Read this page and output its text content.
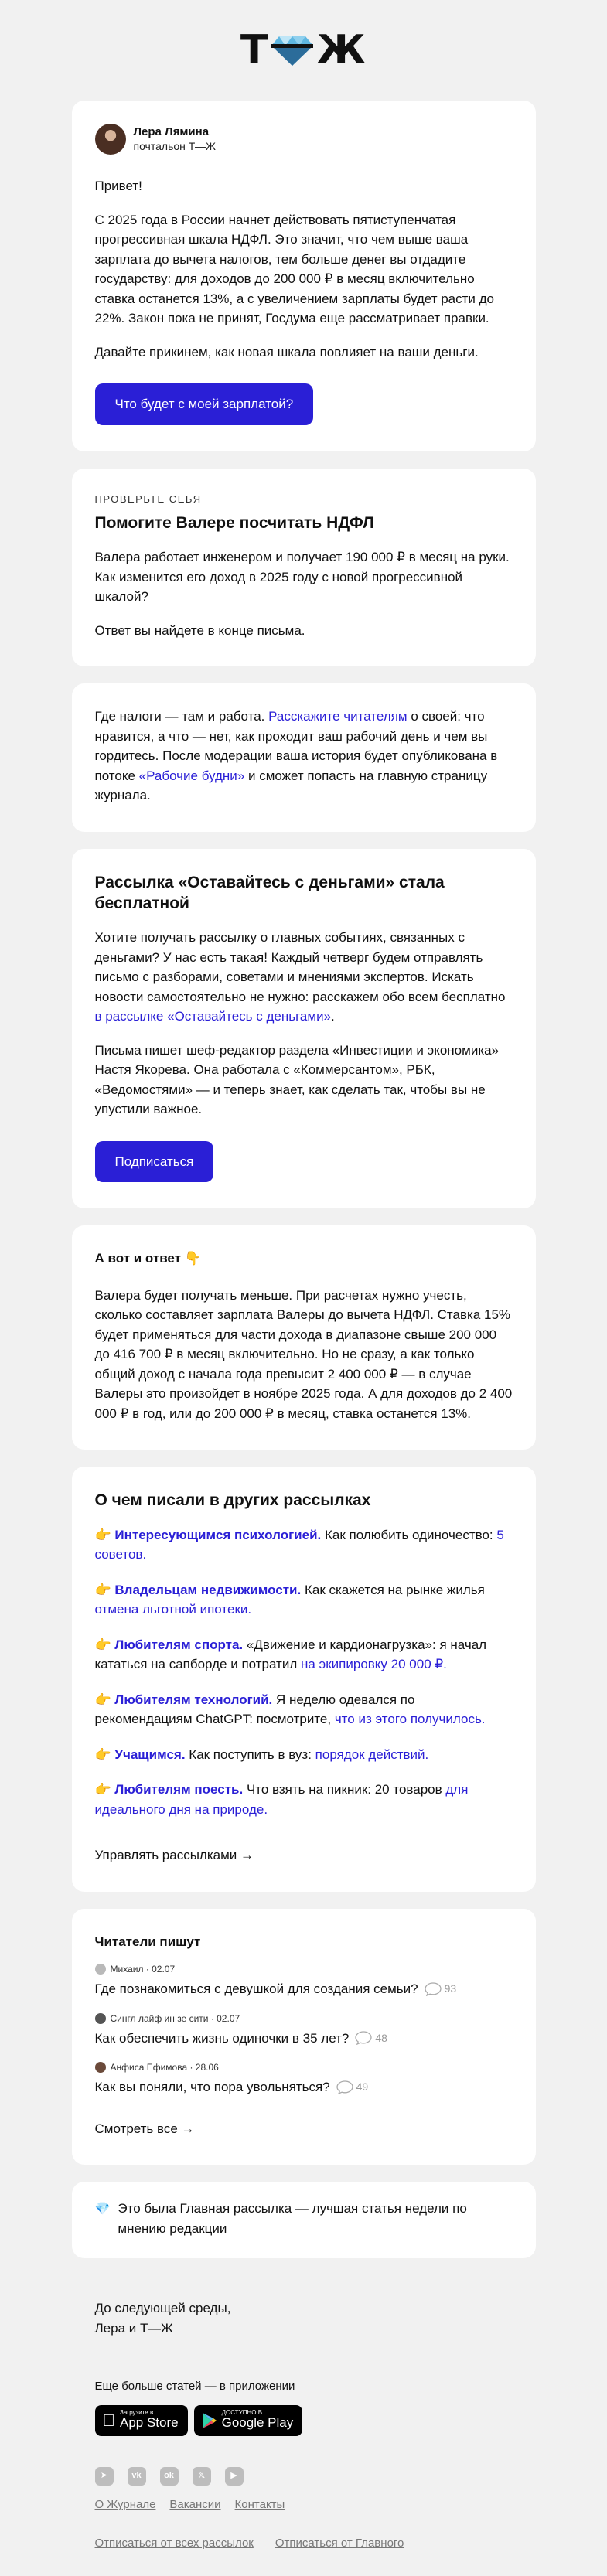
Т Ж
Лера Лямина
почтальон Т—Ж

Привет!

С 2025 года в России начнет действовать пятиступенчатая прогрессивная шкала НДФЛ. Это значит, что чем выше ваша зарплата до вычета налогов, тем больше денег вы отдадите государству: для доходов до 200 000 ₽ в месяц включительно ставка останется 13%, а с увеличением зарплаты будет расти до 22%. Закон пока не принят, Госдума еще рассматривает правки.

Давайте прикинем, как новая шкала повлияет на ваши деньги.

Что будет с моей зарплатой?
ПРОВЕРЬТЕ СЕБЯ
Помогите Валере посчитать НДФЛ

Валера работает инженером и получает 190 000 ₽ в месяц на руки. Как изменится его доход в 2025 году с новой прогрессивной шкалой?

Ответ вы найдете в конце письма.

Где налоги — там и работа. Расскажите читателям о своей: что нравится, а что — нет, как проходит ваш рабочий день и чем вы гордитесь. После модерации ваша история будет опубликована в потоке «Рабочие будни» и сможет попасть на главную страницу журнала.

Рассылка «Оставайтесь с деньгами» стала бесплатной

Хотите получать рассылку о главных событиях, связанных с деньгами? У нас есть такая! Каждый четверг будем отправлять письмо с разборами, советами и мнениями экспертов. Искать новости самостоятельно не нужно: расскажем обо всем бесплатно в рассылке «Оставайтесь с деньгами».

Письма пишет шеф-редактор раздела «Инвестиции и экономика» Настя Якорева. Она работала с «Коммерсантом», РБК, «Ведомостями» — и теперь знает, как сделать так, чтобы вы не упустили важное.

Подписаться
А вот и ответ 👇

Валера будет получать меньше. При расчетах нужно учесть, сколько составляет зарплата Валеры до вычета НДФЛ. Ставка 15% будет применяться для части дохода в диапазоне свыше 200 000 до 416 700 ₽ в месяц включительно. Но не сразу, а как только общий доход с начала года превысит 2 400 000 ₽ — в случае Валеры это произойдет в ноябре 2025 года. А для доходов до 2 400 000 ₽ в год, или до 200 000 ₽ в месяц, ставка останется 13%.

О чем писали в других рассылках
👉 Интересующимся психологией. Как полюбить одиночество: 5 советов.
👉 Владельцам недвижимости. Как скажется на рынке жилья отмена льготной ипотеки.
👉 Любителям спорта. «Движение и кардионагрузка»: я начал кататься на сапборде и потратил на экипировку 20 000 ₽.
👉 Любителям технологий. Я неделю одевался по рекомендациям ChatGPT: посмотрите, что из этого получилось.
👉 Учащимся. Как поступить в вуз: порядок действий.
👉 Любителям поесть. Что взять на пикник: 20 товаров для идеального дня на природе.
Управлять рассылками →
Читатели пишут
Михаил · 02.07
Где познакомиться с девушкой для создания семьи? 93
Сингл лайф ин зе сити · 02.07
Как обеспечить жизнь одиночки в 35 лет? 48
Анфиса Ефимова · 28.06
Как вы поняли, что пора увольняться? 49
Смотреть все →
💎 Это была Главная рассылка — лучшая статья недели по мнению редакции
До следующей среды,
Лера и Т—Ж
Еще больше статей — в приложении
Загрузите в
App Store
ДОСТУПНО В
Google Play
➤	vk	ok	𝕏	▶
О Журнале Вакансии Контакты
Отписаться от всех рассылок Отписаться от Главного
